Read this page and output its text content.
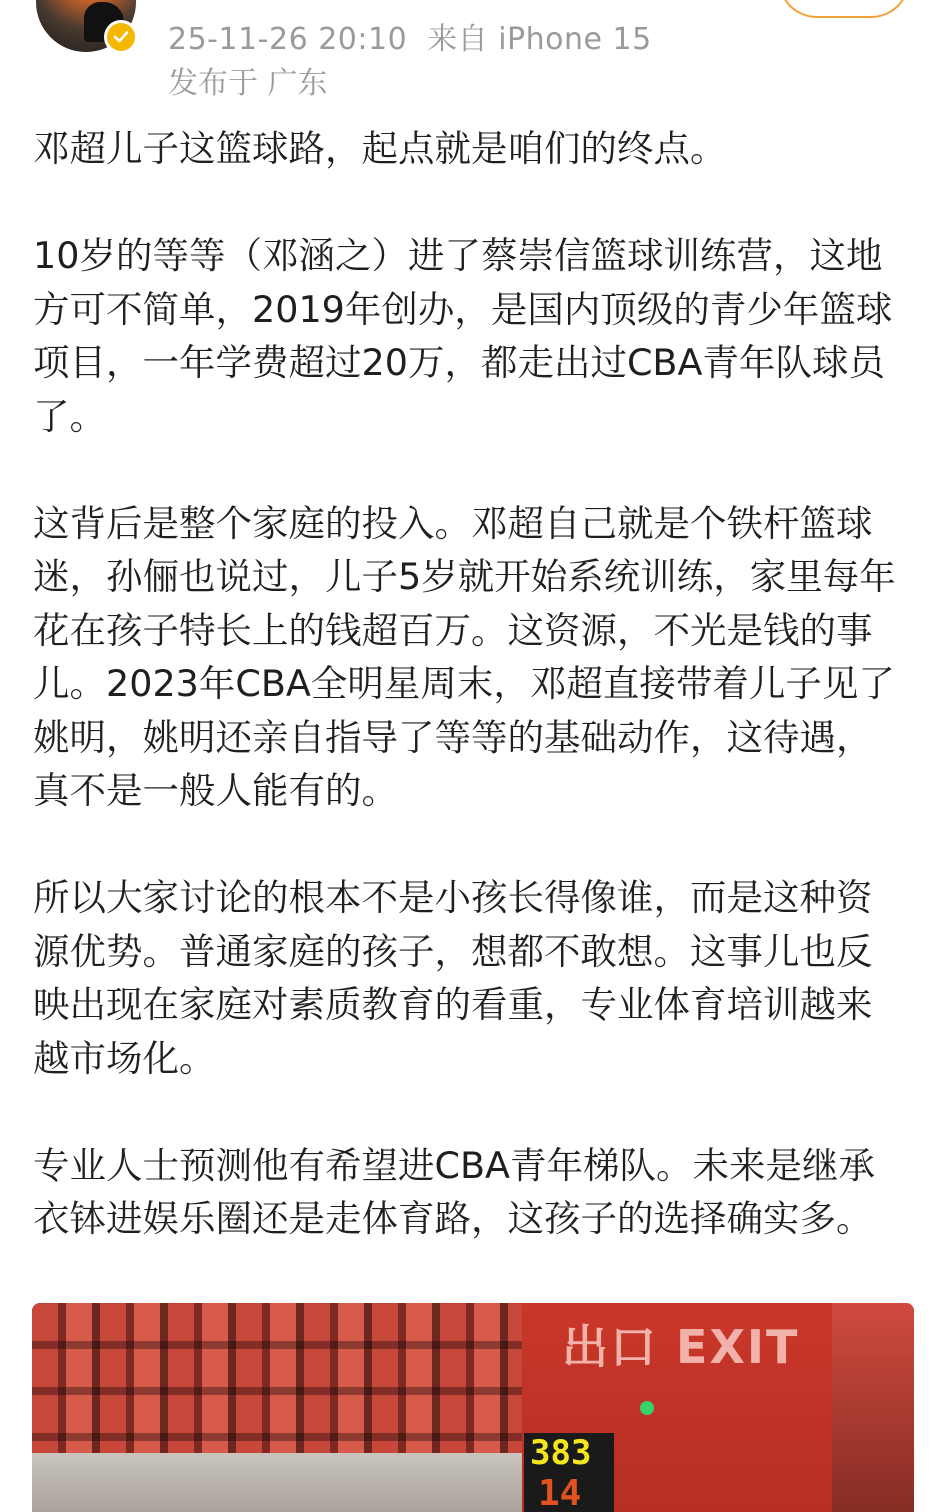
25-11-26 20:10 来自 iPhone 15
发布于 广东

邓超儿子这篮球路，起点就是咱们的终点。

10岁的等等（邓涵之）进了蔡崇信篮球训练营，这地方可不简单，2019年创办，是国内顶级的青少年篮球项目，一年学费超过20万，都走出过CBA青年队球员了。

这背后是整个家庭的投入。邓超自己就是个铁杆篮球迷，孙俪也说过，儿子5岁就开始系统训练，家里每年花在孩子特长上的钱超百万。这资源，不光是钱的事儿。2023年CBA全明星周末，邓超直接带着儿子见了姚明，姚明还亲自指导了等等的基础动作，这待遇，真不是一般人能有的。

所以大家讨论的根本不是小孩长得像谁，而是这种资源优势。普通家庭的孩子，想都不敢想。这事儿也反映出现在家庭对素质教育的看重，专业体育培训越来越市场化。

专业人士预测他有希望进CBA青年梯队。未来是继承衣钵进娱乐圈还是走体育路，这孩子的选择确实多。

出口 EXIT
383
14
